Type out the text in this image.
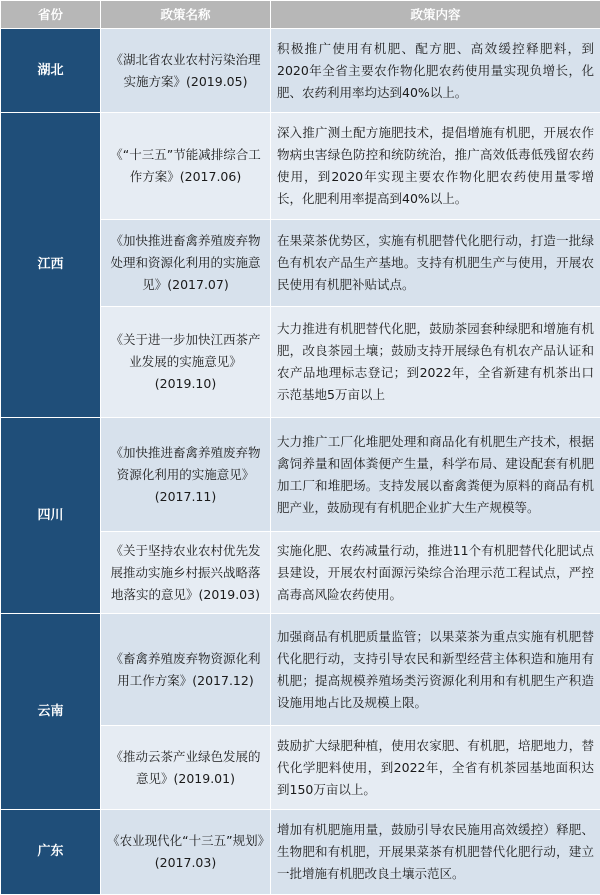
省份	政策名称	政策内容
湖北	《湖北省农业农村污染治理实施方案》(2019.05)	积极推广使用有机肥、配方肥、高效缓控释肥料，到2020年全省主要农作物化肥农药使用量实现负增长，化肥、农药利用率均达到40%以上。
江西	《“十三五”节能减排综合工作方案》(2017.06)	深入推广测土配方施肥技术，提倡增施有机肥，开展农作物病虫害绿色防控和统防统治，推广高效低毒低残留农药使用，到2020年实现主要农作物化肥农药使用量零增长，化肥利用率提高到40%以上。
	《加快推进畜禽养殖废弃物处理和资源化利用的实施意见》(2017.07)	在果菜茶优势区，实施有机肥替代化肥行动，打造一批绿色有机农产品生产基地。支持有机肥生产与使用，开展农民使用有机肥补贴试点。
	《关于进一步加快江西茶产业发展的实施意见》(2019.10)	大力推进有机肥替代化肥，鼓励茶园套种绿肥和增施有机肥，改良茶园土壤；鼓励支持开展绿色有机农产品认证和农产品地理标志登记；到2022年，全省新建有机茶出口示范基地5万亩以上
四川	《加快推进畜禽养殖废弃物资源化利用的实施意见》(2017.11)	大力推广工厂化堆肥处理和商品化有机肥生产技术，根据禽饲养量和固体粪便产生量，科学布局、建设配套有机肥加工厂和堆肥场。支持发展以畜禽粪便为原料的商品有机肥产业，鼓励现有有机肥企业扩大生产规模等。
	《关于坚持农业农村优先发展推动实施乡村振兴战略落地落实的意见》(2019.03)	实施化肥、农药减量行动，推进11个有机肥替代化肥试点县建设，开展农村面源污染综合治理示范工程试点，严控高毒高风险农药使用。
云南	《畜禽养殖废弃物资源化利用工作方案》(2017.12)	加强商品有机肥质量监管；以果菜茶为重点实施有机肥替代化肥行动，支持引导农民和新型经营主体积造和施用有机肥；提高规模养殖场类污资源化利用和有机肥生产积造设施用地占比及规模上限。
	《推动云茶产业绿色发展的意见》(2019.01)	鼓励扩大绿肥种植，使用农家肥、有机肥，培肥地力，替代化学肥料使用，到2022年，全省有机茶园基地面积达到150万亩以上。
广东	《农业现代化“十三五”规划》(2017.03)	增加有机肥施用量，鼓励引导农民施用高效缓控）释肥、生物肥和有机肥，开展果菜茶有机肥替代化肥行动，建立一批增施有机肥改良土壤示范区。
